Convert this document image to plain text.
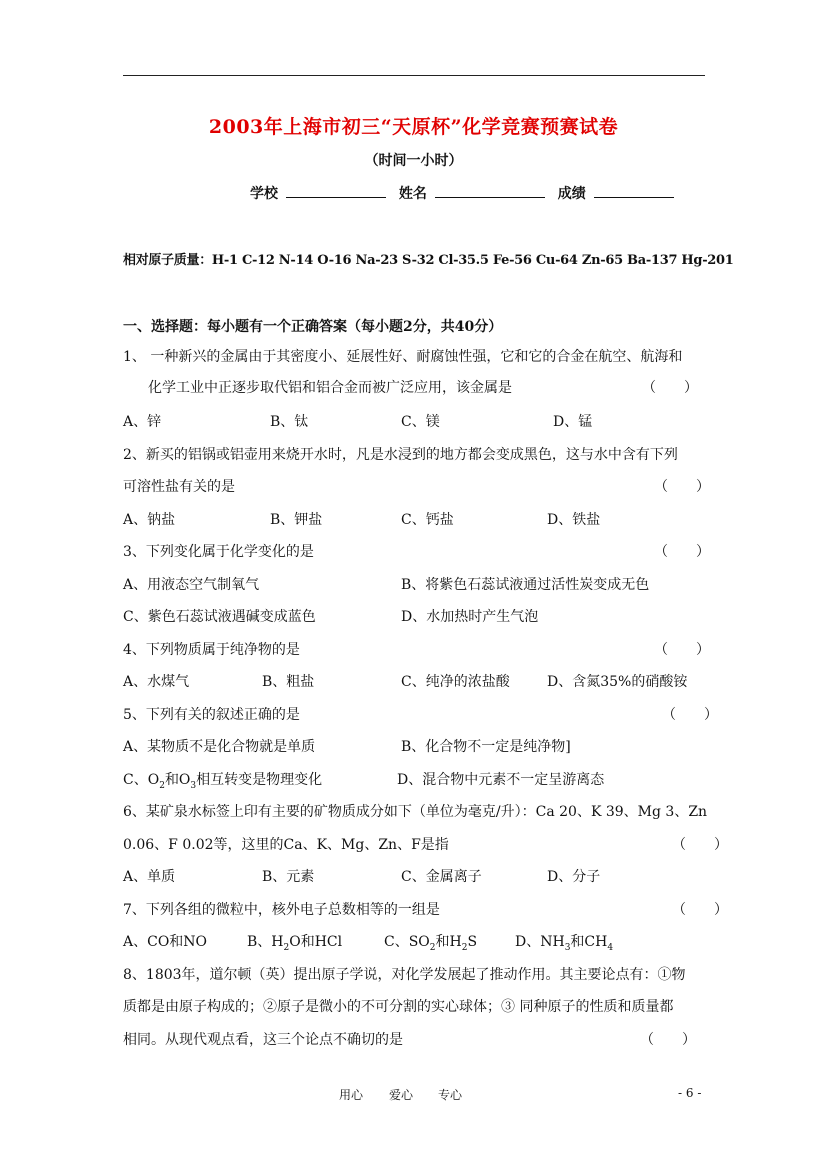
2003年上海市初三“天原杯”化学竞赛预赛试卷
（时间一小时）
学校	姓名	成绩
相对原子质量：H-1 C-12 N-14 O-16 Na-23 S-32 Cl-35.5 Fe-56 Cu-64 Zn-65 Ba-137 Hg-201
一、选择题：每小题有一个正确答案（每小题2分，共40分）
1、 一种新兴的金属由于其密度小、延展性好、耐腐蚀性强，它和它的合金在航空、航海和
化学工业中正逐步取代铝和铝合金而被广泛应用，该金属是	（　　）
A、锌	B、钛	C、镁	D、锰
2、新买的铝锅或铝壶用来烧开水时，凡是水浸到的地方都会变成黑色，这与水中含有下列
可溶性盐有关的是	（　　）
A、钠盐	B、钾盐	C、钙盐	D、铁盐
3、下列变化属于化学变化的是	（　　）
A、用液态空气制氧气	B、将紫色石蕊试液通过活性炭变成无色
C、紫色石蕊试液遇碱变成蓝色	D、水加热时产生气泡
4、下列物质属于纯净物的是	（　　）
A、水煤气	B、粗盐	C、纯净的浓盐酸	D、含氮35%的硝酸铵
5、下列有关的叙述正确的是	（　　）
A、某物质不是化合物就是单质	B、化合物不一定是纯净物]
C、$O_2$和$O_3$相互转变是物理变化	D、混合物中元素不一定呈游离态
6、某矿泉水标签上印有主要的矿物质成分如下（单位为毫克/升）：Ca 20、K 39、Mg 3、Zn
0.06、F 0.02等，这里的Ca、K、Mg、Zn、F是指	（　　）
A、单质	B、元素	C、金属离子	D、分子
7、下列各组的微粒中，核外电子总数相等的一组是	（　　）
A、CO和NO	B、$H_2O$和HCl	C、$SO_2$和$H_2S$	D、$NH_3$和$CH_4$
8、1803年，道尔顿（英）提出原子学说，对化学发展起了推动作用。其主要论点有：①物
质都是由原子构成的；②原子是微小的不可分割的实心球体；③ 同种原子的性质和质量都
相同。从现代观点看，这三个论点不确切的是	（　　）
用心 爱心 专心	- 6 -
